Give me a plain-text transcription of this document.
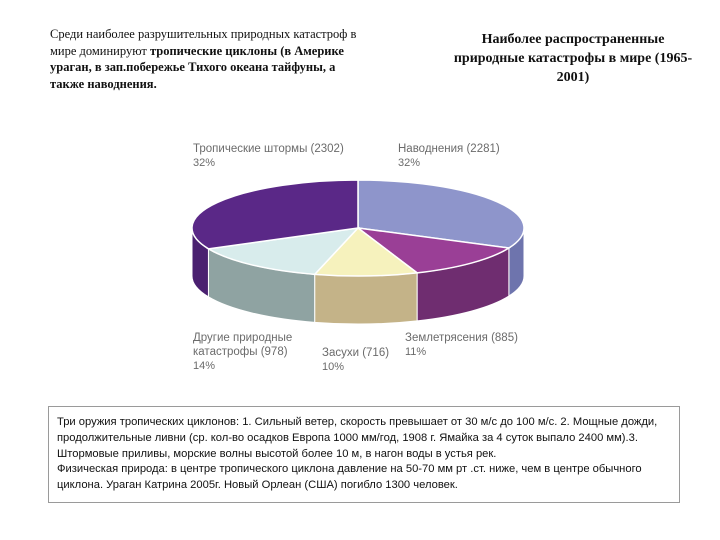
Среди наиболее разрушительных природных катастроф в мире доминируют тропические циклоны (в Америке ураган, в зап.побережье Тихого океана тайфуны, а также наводнения.
Наиболее распространенные природные катастрофы в мире (1965-2001)
Тропические штормы (2302)
32%
Наводнения (2281)
32%
Землетрясения (885)
11%
Засухи (716)
10%
Другие природные
катастрофы (978)
14%
Три оружия тропических циклонов: 1. Сильный ветер, скорость превышает от 30 м/с до 100 м/с. 2. Мощные дожди, продолжительные ливни (ср. кол-во осадков Европа 1000 мм/год, 1908 г. Ямайка за 4 суток выпало 2400 мм).3. Штормовые приливы, морские волны высотой более 10 м, в нагон воды в устья рек.
Физическая природа: в центре тропического циклона давление на 50-70 мм рт .ст. ниже, чем в центре обычного циклона. Ураган Катрина 2005г. Новый Орлеан (США) погибло 1300 человек.
